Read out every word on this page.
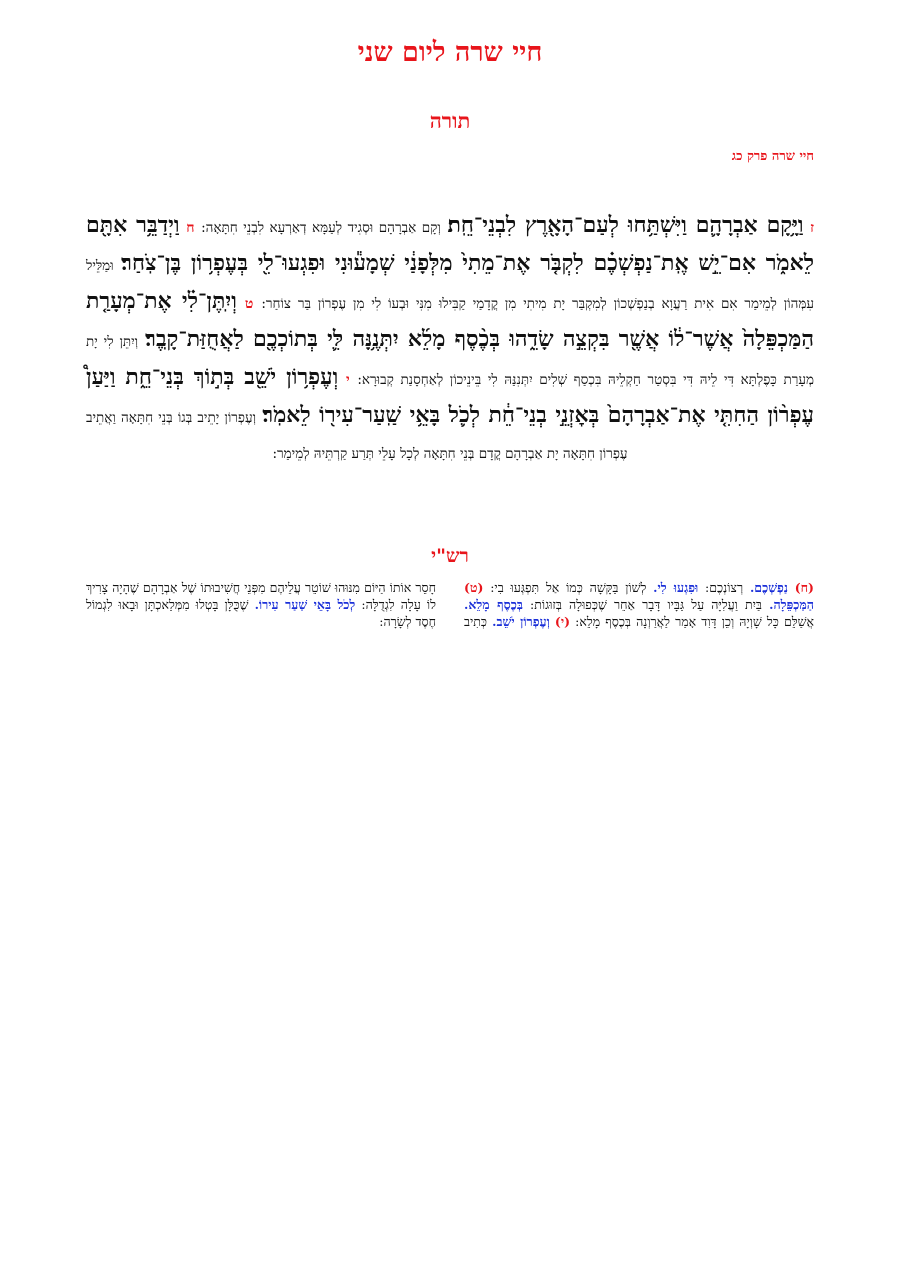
חיי שרה ליום שני
תורה
חיי שרה פרק כג
ז וַיָּ֥קָם אַבְרָהָ֛ם וַיִּשְׁתַּ֥חוּ לְעַם־הָאָ֖רֶץ לִבְנֵי־חֵֽת׃ וְקָם אַבְרָהָם וּסְגִיד לְעַמָּא דְאַרְעָא לִבְנֵי חִתָּאָה: ח וַיְדַבֵּ֥ר אִתָּ֖ם לֵאמֹ֑ר אִם־יֵ֣שׁ אֶֽת־נַפְשְׁכֶ֗ם לִקְבֹּ֤ר אֶת־מֵתִי֙ מִלְּפָנַ֔י שְׁמָע֕וּנִי וּפִגְעוּ־לִ֖י בְּעֶפְר֥וֹן בֶּן־צֹֽחַר׃ וּמַלֵּיל עִמְּהוֹן לְמֵימַר אִם אִית רַעֲוָא בְנַפְשְׁכוֹן לְמִקְבַּר יָת מִיתִי מִן קֳדָמַי קַבִּילוּ מִנִּי וּבְעוֹ לִי מִן עֶפְרוֹן בַּר צוֹחַר: ט וְיִֽתֶּן־לִ֗י אֶת־מְעָרַ֤ת הַמַּכְפֵּלָה֙ אֲשֶׁר־ל֔וֹ אֲשֶׁ֖ר בִּקְצֵ֣ה שָׂדֵ֑הוּ בְּכֶ֨סֶף מָלֵ֜א יִתְּנֶ֥נָּה לִּ֛י בְּתוֹכְכֶ֖ם לַאֲחֻזַּת־קָֽבֶר׃ וְיִתֵּן לִי יָת מְעָרַת כָּפֶלְתָּא דִּי לֵיהּ דִּי בִּסְטַר חַקְלֵיהּ בִּכְסַף שְׁלִים יִתְּנִנַּהּ לִי בֵּינֵיכוֹן לְאַחְסָנַת קְבוּרָא: י וְעֶפְר֥וֹן יֹשֵׁ֖ב בְּת֣וֹךְ בְּנֵי־חֵ֑ת וַיַּעַן֩ עֶפְר֨וֹן הַחִתִּ֤י אֶת־אַבְרָהָם֙ בְּאׇזְנֵ֣י בְנֵי־חֵ֔ת לְכֹ֛ל בָּאֵ֥י שַֽׁעַר־עִיר֖וֹ לֵאמֹֽר׃ וְעֶפְרוֹן יָתֵיב בְּגוֹ בְּנֵי חִתָּאָה וַאֲתֵיב עֶפְרוֹן חִתָּאָה יָת אַבְרָהָם קֳדָם בְּנֵי חִתָּאָה לְכָל עָלֵי תְּרַע קַרְתֵּיהּ לְמֵימַר:
רש"י
(ח) נַפְשְׁכֶם. רְצוֹנְכֶם: וּפִגְעוּ לִי. לְשׁוֹן בַּקָּשָׁה כְּמוֹ אַל תִּפְגְּעוּ בִי: (ט) הַמַּכְפֵּלָה. בַּיִת וַעֲלִיָּה עַל גַּבָּיו דָּבָר אַחֵר שֶׁכְּפוּלָה בְּזוּגוֹת: בְּכֶסֶף מָלֵא. אֲשַׁלֵּם כָּל שָׁוְיָהּ וְכֵן דָּוִד אָמַר לַאֲרַוְנָה בְּכֶסֶף מָלֵא: (י) וְעֶפְרוֹן יֹשֵׁב. כְּתִיב חָסֵר אוֹתוֹ הַיּוֹם מִנּוּהוּ שׁוֹטֵר עֲלֵיהֶם מִפְּנֵי חֲשִׁיבוּתוֹ שֶׁל אַבְרָהָם שֶׁהָיָה צָרִיךְ לוֹ עָלָה לִגְדֻלָּה: לְכֹל בָּאֵי שַׁעַר עִירוֹ. שֶׁכֻּלָּן בָּטְלוּ מִמְּלַאכְתָּן וּבָאוּ לִגְמוֹל חֶסֶד לְשָׂרָה:
